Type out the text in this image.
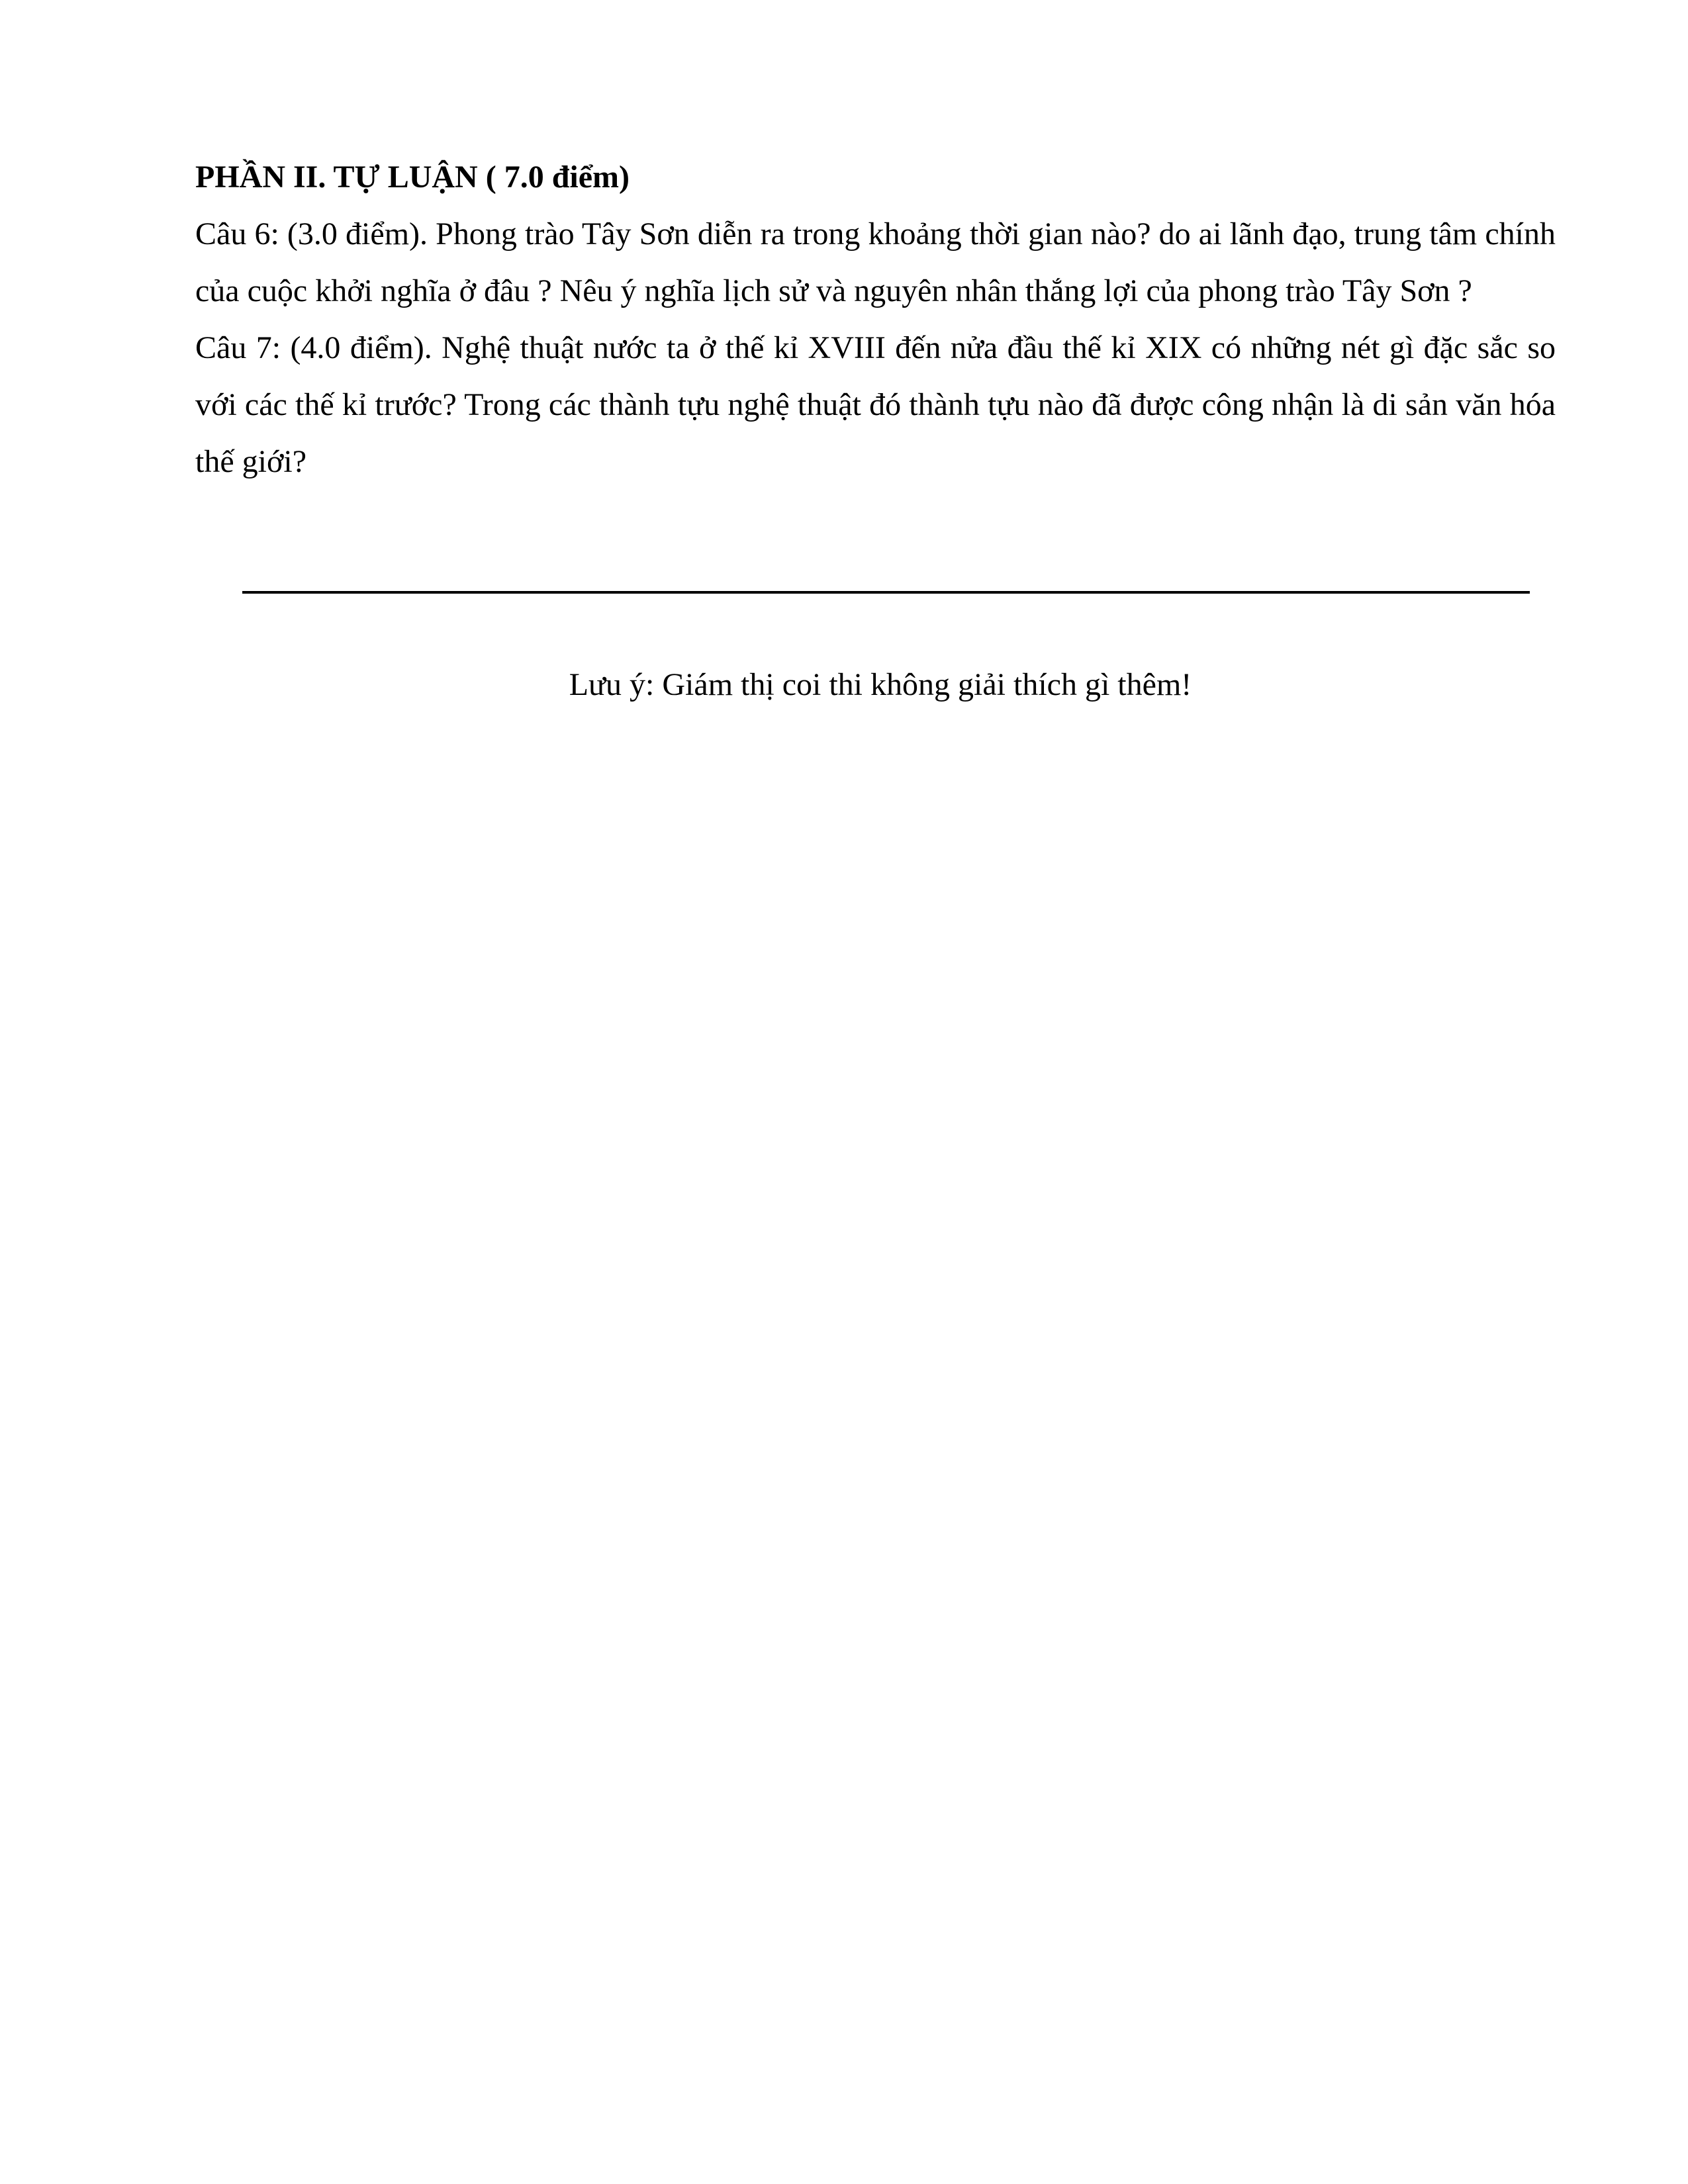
PHẦN II. TỰ LUẬN ( 7.0 điểm)

Câu 6: (3.0 điểm). Phong trào Tây Sơn diễn ra trong khoảng thời gian nào? do ai lãnh đạo, trung tâm chính của cuộc khởi nghĩa ở đâu ? Nêu ý nghĩa lịch sử và nguyên nhân thắng lợi của phong trào Tây Sơn ?

Câu 7: (4.0 điểm). Nghệ thuật nước ta ở thế kỉ XVIII đến nửa đầu thế kỉ XIX có những nét gì đặc sắc so với các thế kỉ trước? Trong các thành tựu nghệ thuật đó thành tựu nào đã được công nhận là di sản văn hóa thế giới?

Lưu ý: Giám thị coi thi không giải thích gì thêm!
